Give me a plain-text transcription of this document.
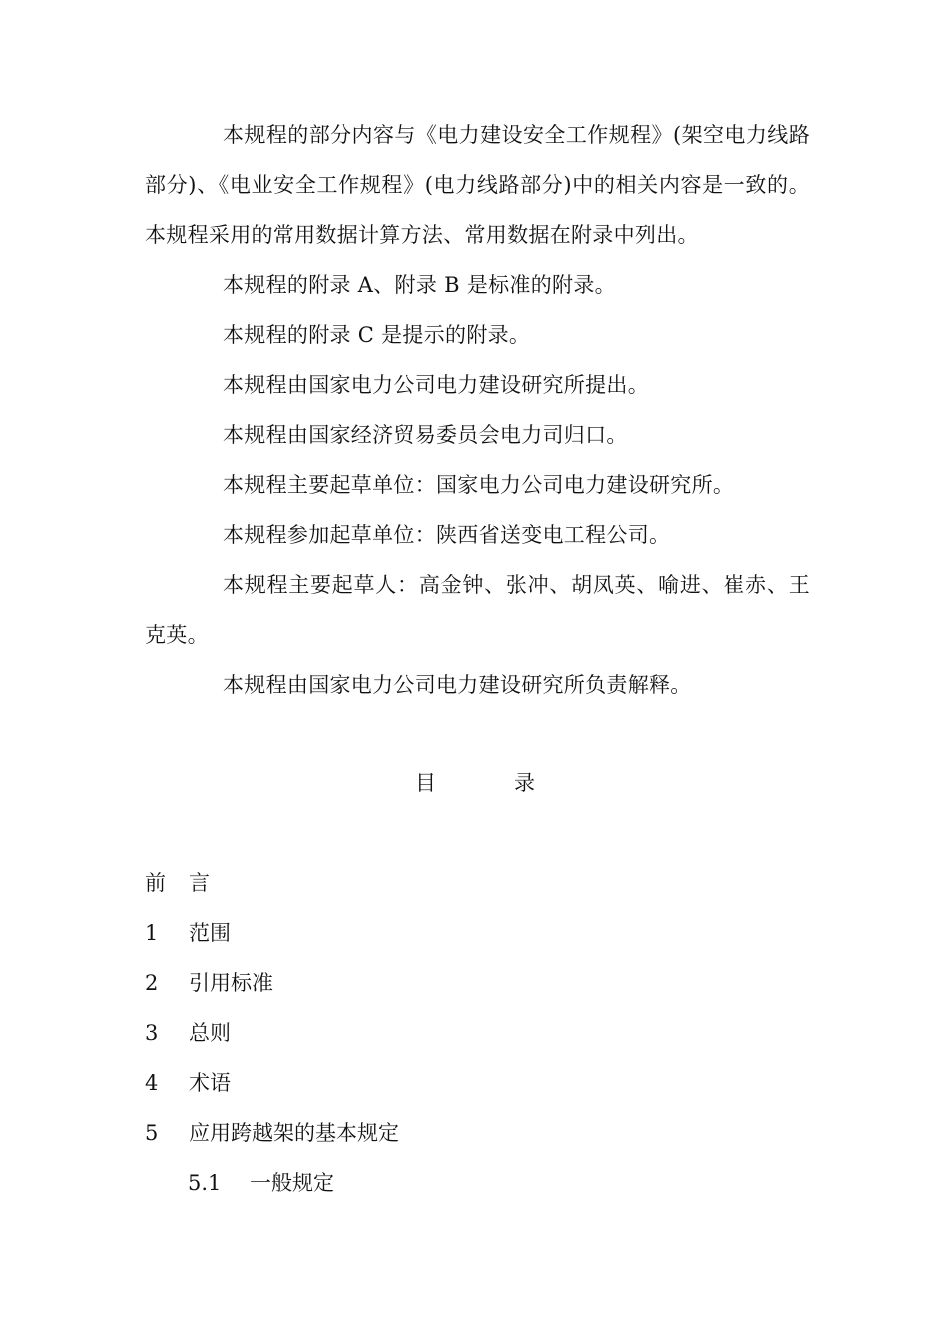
本规程的部分内容与《电力建设安全工作规程》(架空电力线路部分)、《电业安全工作规程》(电力线路部分)中的相关内容是一致的。本规程采用的常用数据计算方法、常用数据在附录中列出。

本规程的附录 A、附录 B 是标准的附录。

本规程的附录 C 是提示的附录。

本规程由国家电力公司电力建设研究所提出。

本规程由国家经济贸易委员会电力司归口。

本规程主要起草单位：国家电力公司电力建设研究所。

本规程参加起草单位：陕西省送变电工程公司。

本规程主要起草人：高金钟、张冲、胡凤英、喻进、崔赤、王克英。

本规程由国家电力公司电力建设研究所负责解释。

目录
前 言
1 范围
2 引用标准
3 总则
4 术语
5 应用跨越架的基本规定
5.1 一般规定
